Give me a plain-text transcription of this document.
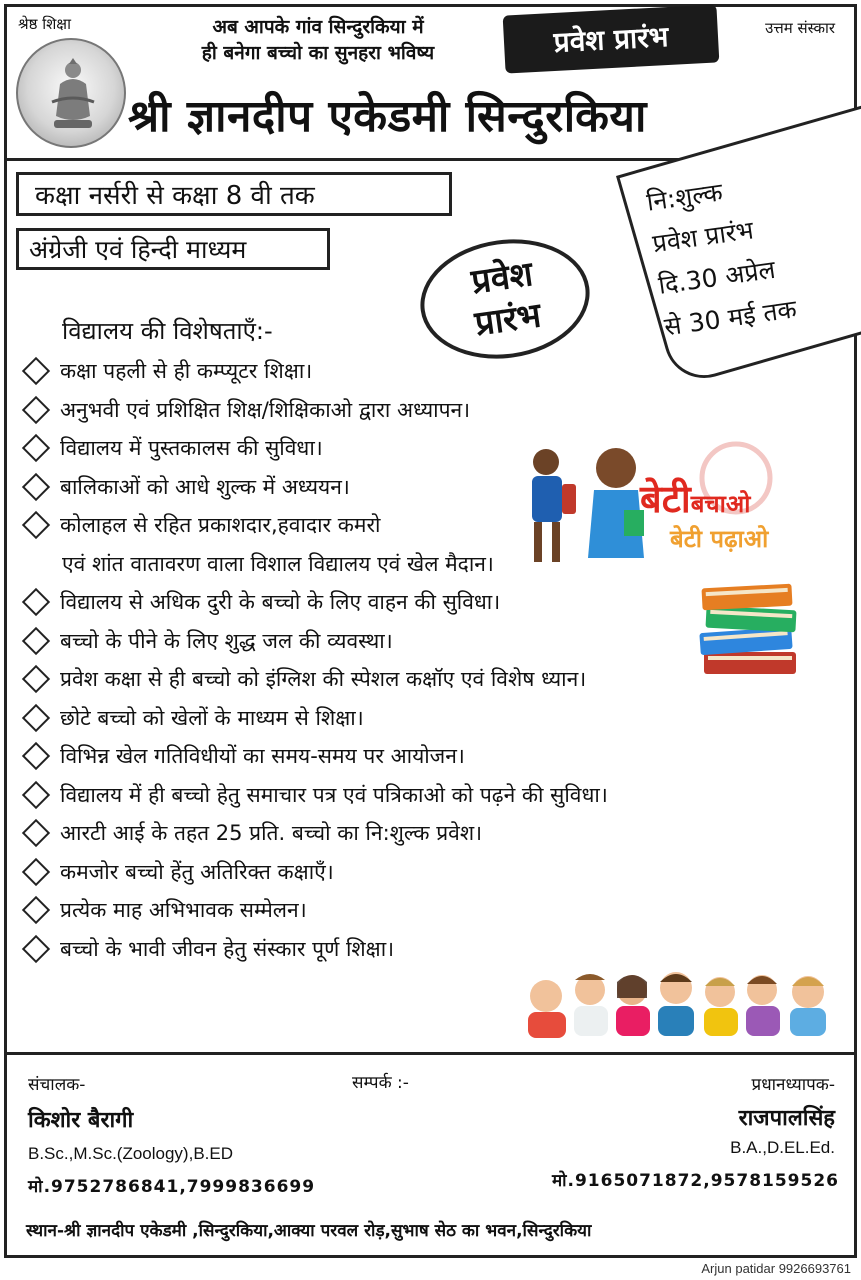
श्रेष्ठ शिक्षा	उत्तम संस्कार
अब आपके गांव सिन्दुरकिया में
ही बनेगा बच्चो का सुनहरा भविष्य	प्रवेश प्रारंभ
श्री ज्ञानदीप एकेडमी सिन्दुरकिया
कक्षा नर्सरी से कक्षा 8 वी तक
अंग्रेजी एवं हिन्दी माध्यम
प्रवेश
प्रारंभ
नि:शुल्क
प्रवेश प्रारंभ
दि.30 अप्रेल
से 30 मई तक
विद्यालय की विशेषताएँ:-
कक्षा पहली से ही कम्प्यूटर शिक्षा।
अनुभवी एवं प्रशिक्षित शिक्ष/शिक्षिकाओ द्वारा अध्यापन।
विद्यालय में पुस्तकालस की सुविधा।
बालिकाओं को आधे शुल्क में अध्ययन।
कोलाहल से रहित प्रकाशदार,हवादार कमरो
एवं शांत वातावरण वाला विशाल विद्यालय एवं खेल मैदान।
विद्यालय से अधिक दुरी के बच्चो के लिए वाहन की सुविधा।
बच्चो के पीने के लिए शुद्ध जल की व्यवस्था।
प्रवेश कक्षा से ही बच्चो को इंग्लिश की स्पेशल कक्षॉए एवं विशेष ध्यान।
छोटे बच्चो को खेलों के माध्यम से शिक्षा।
विभिन्न खेल गतिविधीयों का समय-समय पर आयोजन।
विद्यालय में ही बच्चो हेतु समाचार पत्र एवं पत्रिकाओ को पढ़ने की सुविधा।
आरटी आई के तहत 25 प्रति. बच्चो का नि:शुल्क प्रवेश।
कमजोर बच्चो हेंतु अतिरिक्त कक्षाएँ।
प्रत्येक माह अभिभावक सम्मेलन।
बच्चो के भावी जीवन हेतु संस्कार पूर्ण शिक्षा।
बेटीबचाओ
बेटी पढ़ाओ
संचालक-	सम्पर्क :-	प्रधानध्यापक-
किशोर बैरागी	राजपालसिंह
B.Sc.,M.Sc.(Zoology),B.ED	B.A.,D.EL.Ed.
मो.9752786841,7999836699	मो.9165071872,9578159526
स्थान-श्री ज्ञानदीप एकेडमी ,सिन्दुरकिया,आक्या परवल रोड़,सुभाष सेठ का भवन,सिन्दुरकिया
Arjun patidar 9926693761
